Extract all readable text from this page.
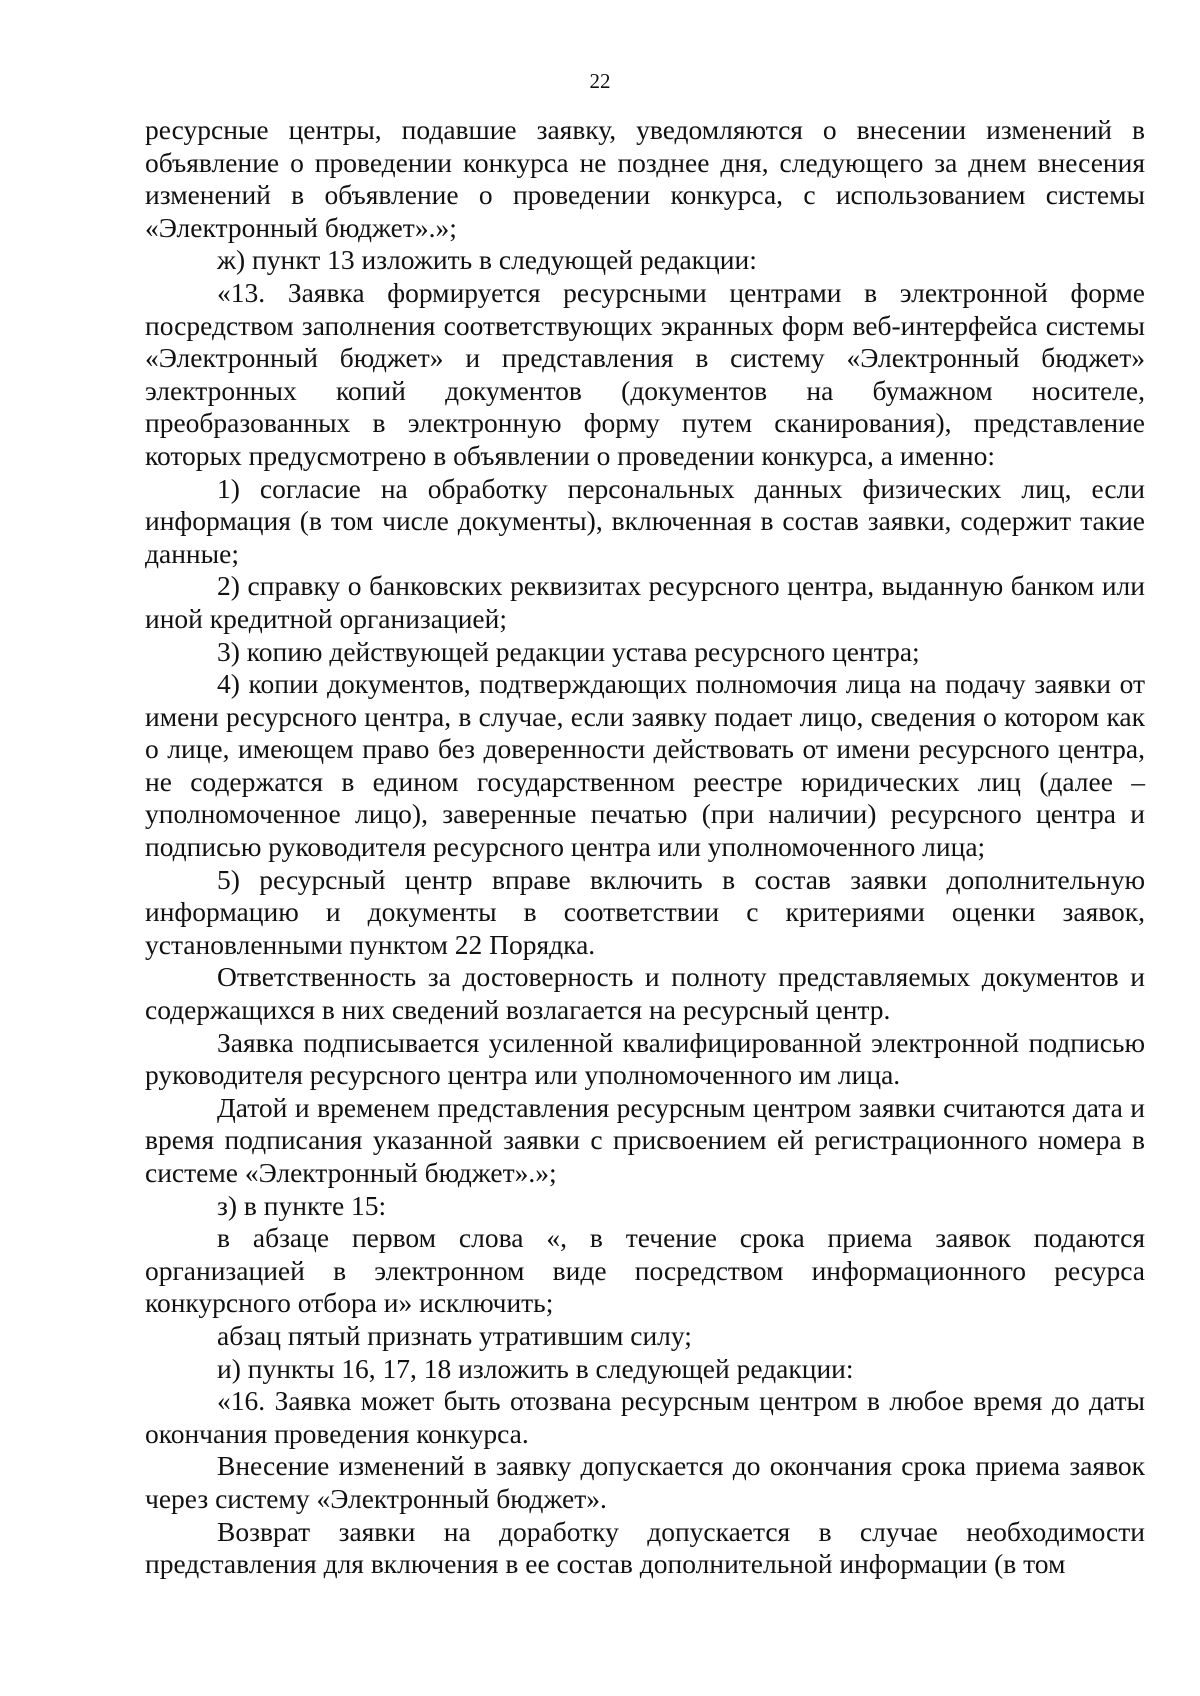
22

ресурсные центры, подавшие заявку, уведомляются о внесении изменений в объявление о проведении конкурса не позднее дня, следующего за днем внесения изменений в объявление о проведении конкурса, с использованием системы «Электронный бюджет».»;

ж) пункт 13 изложить в следующей редакции:

«13. Заявка формируется ресурсными центрами в электронной форме посредством заполнения соответствующих экранных форм веб-интерфейса системы «Электронный бюджет» и представления в систему «Электронный бюджет» электронных копий документов (документов на бумажном носителе, преобразованных в электронную форму путем сканирования), представление которых предусмотрено в объявлении о проведении конкурса, а именно:

1) согласие на обработку персональных данных физических лиц, если информация (в том числе документы), включенная в состав заявки, содержит такие данные;

2) справку о банковских реквизитах ресурсного центра, выданную банком или иной кредитной организацией;

3) копию действующей редакции устава ресурсного центра;

4) копии документов, подтверждающих полномочия лица на подачу заявки от имени ресурсного центра, в случае, если заявку подает лицо, сведения о котором как о лице, имеющем право без доверенности действовать от имени ресурсного центра, не содержатся в едином государственном реестре юридических лиц (далее – уполномоченное лицо), заверенные печатью (при наличии) ресурсного центра и подписью руководителя ресурсного центра или уполномоченного лица;

5) ресурсный центр вправе включить в состав заявки дополнительную информацию и документы в соответствии с критериями оценки заявок, установленными пунктом 22 Порядка.

Ответственность за достоверность и полноту представляемых документов и содержащихся в них сведений возлагается на ресурсный центр.

Заявка подписывается усиленной квалифицированной электронной подписью руководителя ресурсного центра или уполномоченного им лица.

Датой и временем представления ресурсным центром заявки считаются дата и время подписания указанной заявки с присвоением ей регистрационного номера в системе «Электронный бюджет».»;

з) в пункте 15:

в абзаце первом слова «, в течение срока приема заявок подаются организацией в электронном виде посредством информационного ресурса конкурсного отбора и» исключить;

абзац пятый признать утратившим силу;

и) пункты 16, 17, 18 изложить в следующей редакции:

«16. Заявка может быть отозвана ресурсным центром в любое время до даты окончания проведения конкурса.

Внесение изменений в заявку допускается до окончания срока приема заявок через систему «Электронный бюджет».

Возврат заявки на доработку допускается в случае необходимости представления для включения в ее состав дополнительной информации (в том
